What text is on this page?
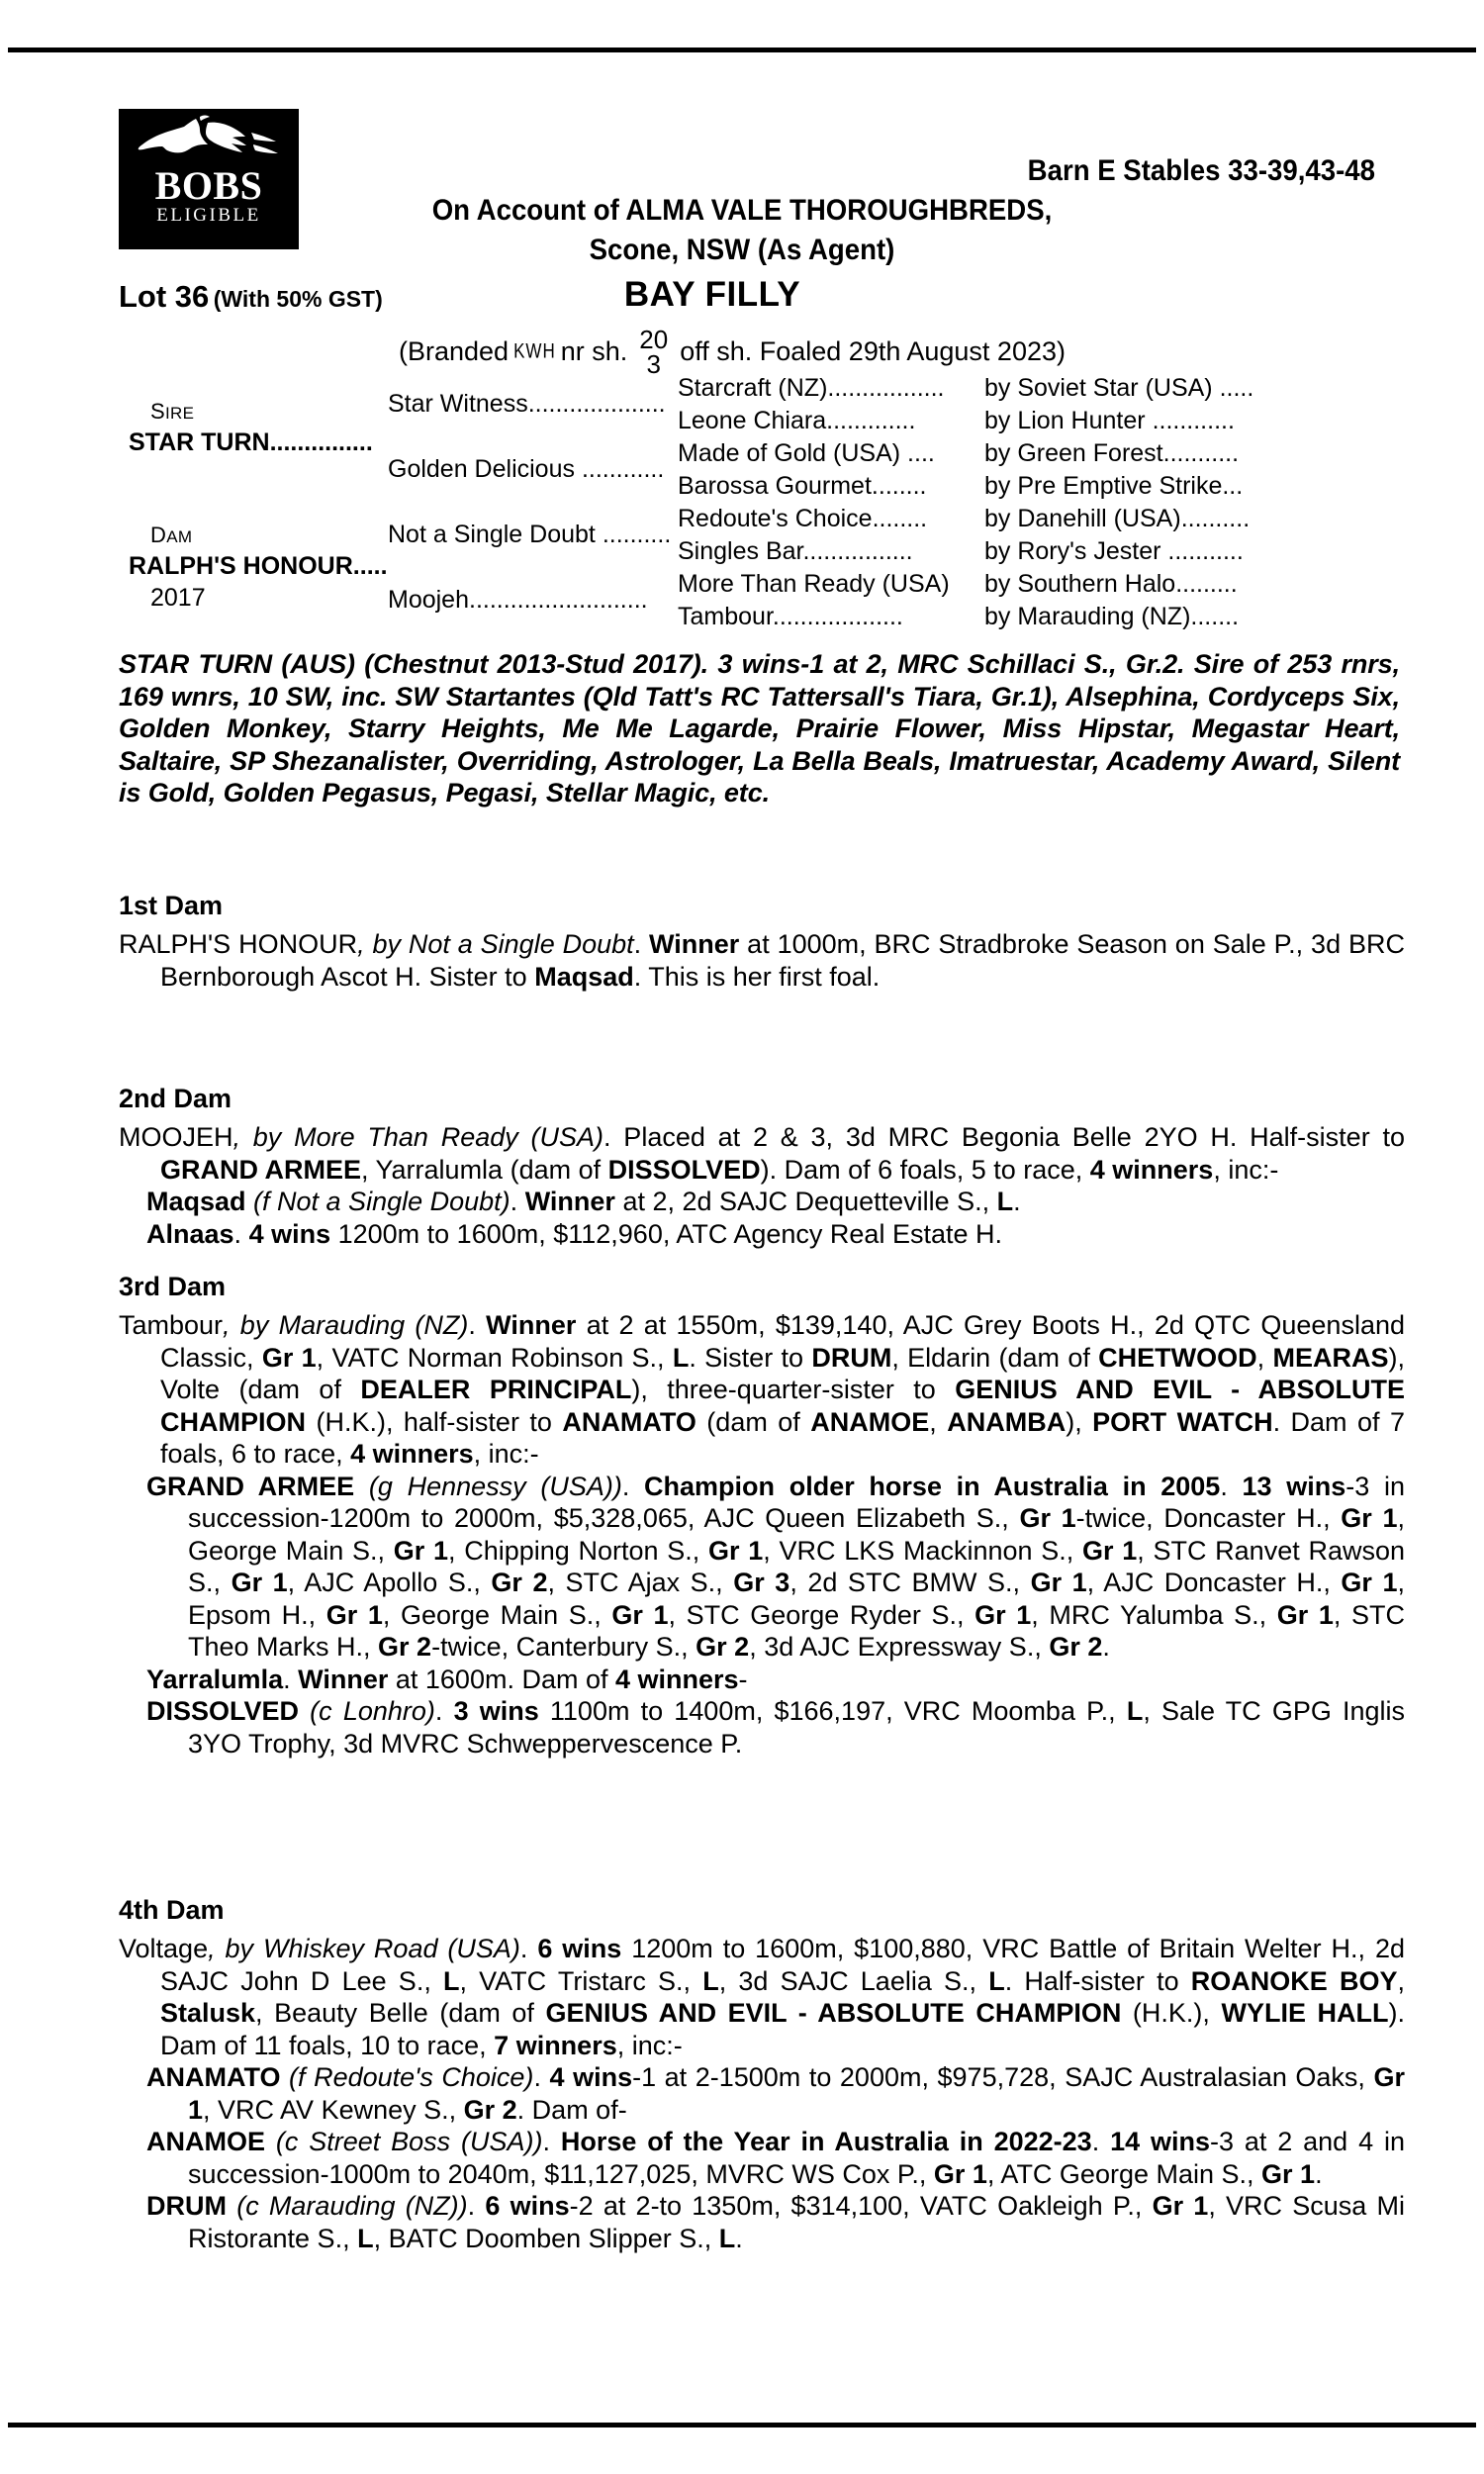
BOBS
ELIGIBLE
Barn E Stables 33-39,43-48
On Account of ALMA VALE THOROUGHBREDS,
Scone, NSW (As Agent)
Lot 36 (With 50% GST)	BAY FILLY
(Branded KWH nr sh. 20
3 off sh. Foaled 29th August 2023)
SIRE
STAR TURN...............
DAM
RALPH'S HONOUR.....
2017
Star Witness....................
Golden Delicious ............
Not a Single Doubt ..........
Moojeh..........................
Starcraft (NZ).................
Leone Chiara.............
Made of Gold (USA) ....
Barossa Gourmet........
Redoute's Choice........
Singles Bar................
More Than Ready (USA)
Tambour...................
by Soviet Star (USA) .....
by Lion Hunter ............
by Green Forest...........
by Pre Emptive Strike...
by Danehill (USA)..........
by Rory's Jester ...........
by Southern Halo.........
by Marauding (NZ).......
STAR TURN (AUS) (Chestnut 2013-Stud 2017). 3 wins-1 at 2, MRC Schillaci S., Gr.2. Sire of 253 rnrs, 169 wnrs, 10 SW, inc. SW Startantes (Qld Tatt's RC Tattersall's Tiara, Gr.1), Alsephina, Cordyceps Six, Golden Monkey, Starry Heights, Me Me Lagarde, Prairie Flower, Miss Hipstar, Megastar Heart, Saltaire, SP Shezanalister, Overriding, Astrologer, La Bella Beals, Imatruestar, Academy Award, Silent is Gold, Golden Pegasus, Pegasi, Stellar Magic, etc.
1st Dam
RALPH'S HONOUR, by Not a Single Doubt. Winner at 1000m, BRC Stradbroke Season on Sale P., 3d BRC Bernborough Ascot H. Sister to Maqsad. This is her first foal.
2nd Dam
MOOJEH, by More Than Ready (USA). Placed at 2 & 3, 3d MRC Begonia Belle 2YO H. Half-sister to GRAND ARMEE, Yarralumla (dam of DISSOLVED). Dam of 6 foals, 5 to race, 4 winners, inc:-
Maqsad (f Not a Single Doubt). Winner at 2, 2d SAJC Dequetteville S., L.
Alnaas. 4 wins 1200m to 1600m, $112,960, ATC Agency Real Estate H.
3rd Dam
Tambour, by Marauding (NZ). Winner at 2 at 1550m, $139,140, AJC Grey Boots H., 2d QTC Queensland Classic, Gr 1, VATC Norman Robinson S., L. Sister to DRUM, Eldarin (dam of CHETWOOD, MEARAS), Volte (dam of DEALER PRINCIPAL), three-quarter-sister to GENIUS AND EVIL - ABSOLUTE CHAMPION (H.K.), half-sister to ANAMATO (dam of ANAMOE, ANAMBA), PORT WATCH. Dam of 7 foals, 6 to race, 4 winners, inc:-
GRAND ARMEE (g Hennessy (USA)). Champion older horse in Australia in 2005. 13 wins-3 in succession-1200m to 2000m, $5,328,065, AJC Queen Elizabeth S., Gr 1-twice, Doncaster H., Gr 1, George Main S., Gr 1, Chipping Norton S., Gr 1, VRC LKS Mackinnon S., Gr 1, STC Ranvet Rawson S., Gr 1, AJC Apollo S., Gr 2, STC Ajax S., Gr 3, 2d STC BMW S., Gr 1, AJC Doncaster H., Gr 1, Epsom H., Gr 1, George Main S., Gr 1, STC George Ryder S., Gr 1, MRC Yalumba S., Gr 1, STC Theo Marks H., Gr 2-twice, Canterbury S., Gr 2, 3d AJC Expressway S., Gr 2.
Yarralumla. Winner at 1600m. Dam of 4 winners-
DISSOLVED (c Lonhro). 3 wins 1100m to 1400m, $166,197, VRC Moomba P., L, Sale TC GPG Inglis 3YO Trophy, 3d MVRC Schweppervescence P.
4th Dam
Voltage, by Whiskey Road (USA). 6 wins 1200m to 1600m, $100,880, VRC Battle of Britain Welter H., 2d SAJC John D Lee S., L, VATC Tristarc S., L, 3d SAJC Laelia S., L. Half-sister to ROANOKE BOY, Stalusk, Beauty Belle (dam of GENIUS AND EVIL - ABSOLUTE CHAMPION (H.K.), WYLIE HALL). Dam of 11 foals, 10 to race, 7 winners, inc:-
ANAMATO (f Redoute's Choice). 4 wins-1 at 2-1500m to 2000m, $975,728, SAJC Australasian Oaks, Gr 1, VRC AV Kewney S., Gr 2. Dam of-
ANAMOE (c Street Boss (USA)). Horse of the Year in Australia in 2022-23. 14 wins-3 at 2 and 4 in succession-1000m to 2040m, $11,127,025, MVRC WS Cox P., Gr 1, ATC George Main S., Gr 1.
DRUM (c Marauding (NZ)). 6 wins-2 at 2-to 1350m, $314,100, VATC Oakleigh P., Gr 1, VRC Scusa Mi Ristorante S., L, BATC Doomben Slipper S., L.
